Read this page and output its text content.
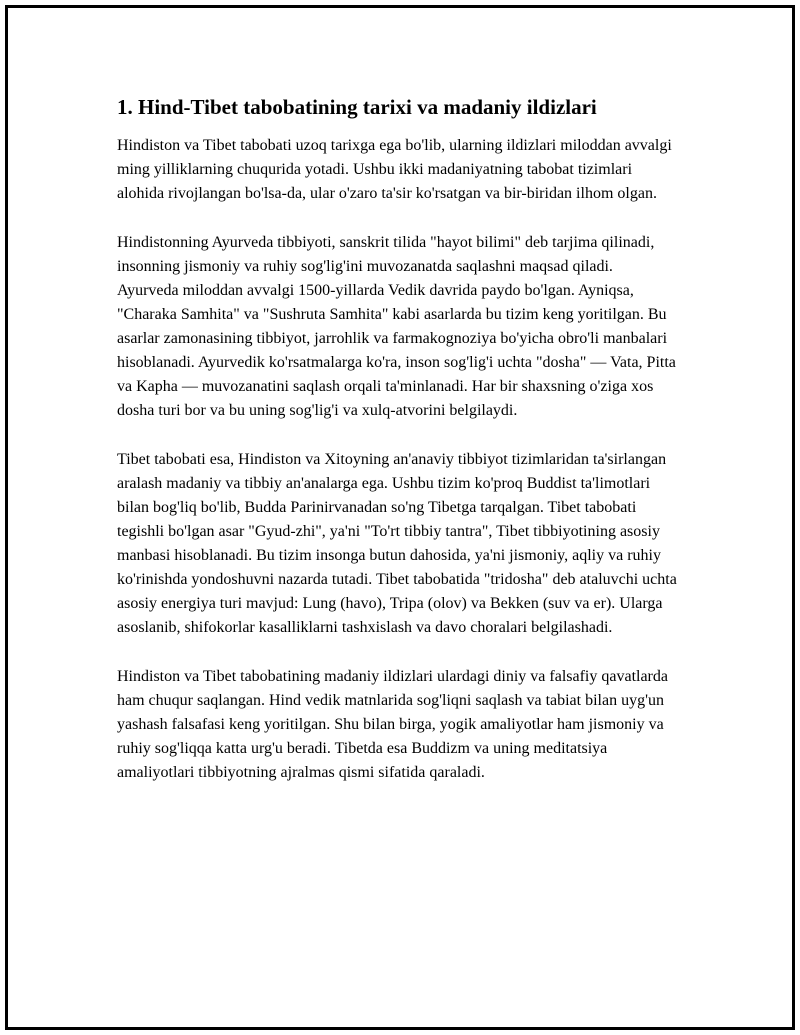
1. Hind-Tibet tabobatining tarixi va madaniy ildizlari

Hindiston va Tibet tabobati uzoq tarixga ega bo'lib, ularning ildizlari miloddan avvalgi ming yilliklarning chuqurida yotadi. Ushbu ikki madaniyatning tabobat tizimlari alohida rivojlangan bo'lsa-da, ular o'zaro ta'sir ko'rsatgan va bir-biridan ilhom olgan.

Hindistonning Ayurveda tibbiyoti, sanskrit tilida "hayot bilimi" deb tarjima qilinadi, insonning jismoniy va ruhiy sog'lig'ini muvozanatda saqlashni maqsad qiladi. Ayurveda miloddan avvalgi 1500-yillarda Vedik davrida paydo bo'lgan. Ayniqsa, "Charaka Samhita" va "Sushruta Samhita" kabi asarlarda bu tizim keng yoritilgan. Bu asarlar zamonasining tibbiyot, jarrohlik va farmakognoziya bo'yicha obro'li manbalari hisoblanadi. Ayurvedik ko'rsatmalarga ko'ra, inson sog'lig'i uchta "dosha" — Vata, Pitta va Kapha — muvozanatini saqlash orqali ta'minlanadi. Har bir shaxsning o'ziga xos dosha turi bor va bu uning sog'lig'i va xulq-atvorini belgilaydi.

Tibet tabobati esa, Hindiston va Xitoyning an'anaviy tibbiyot tizimlaridan ta'sirlangan aralash madaniy va tibbiy an'analarga ega. Ushbu tizim ko'proq Buddist ta'limotlari bilan bog'liq bo'lib, Budda Parinirvanadan so'ng Tibetga tarqalgan. Tibet tabobati tegishli bo'lgan asar "Gyud-zhi", ya'ni "To'rt tibbiy tantra", Tibet tibbiyotining asosiy manbasi hisoblanadi. Bu tizim insonga butun dahosida, ya'ni jismoniy, aqliy va ruhiy ko'rinishda yondoshuvni nazarda tutadi. Tibet tabobatida "tridosha" deb ataluvchi uchta asosiy energiya turi mavjud: Lung (havo), Tripa (olov) va Bekken (suv va er). Ularga asoslanib, shifokorlar kasalliklarni tashxislash va davo choralari belgilashadi.

Hindiston va Tibet tabobatining madaniy ildizlari ulardagi diniy va falsafiy qavatlarda ham chuqur saqlangan. Hind vedik matnlarida sog'liqni saqlash va tabiat bilan uyg'un yashash falsafasi keng yoritilgan. Shu bilan birga, yogik amaliyotlar ham jismoniy va ruhiy sog'liqqa katta urg'u beradi. Tibetda esa Buddizm va uning meditatsiya amaliyotlari tibbiyotning ajralmas qismi sifatida qaraladi.
